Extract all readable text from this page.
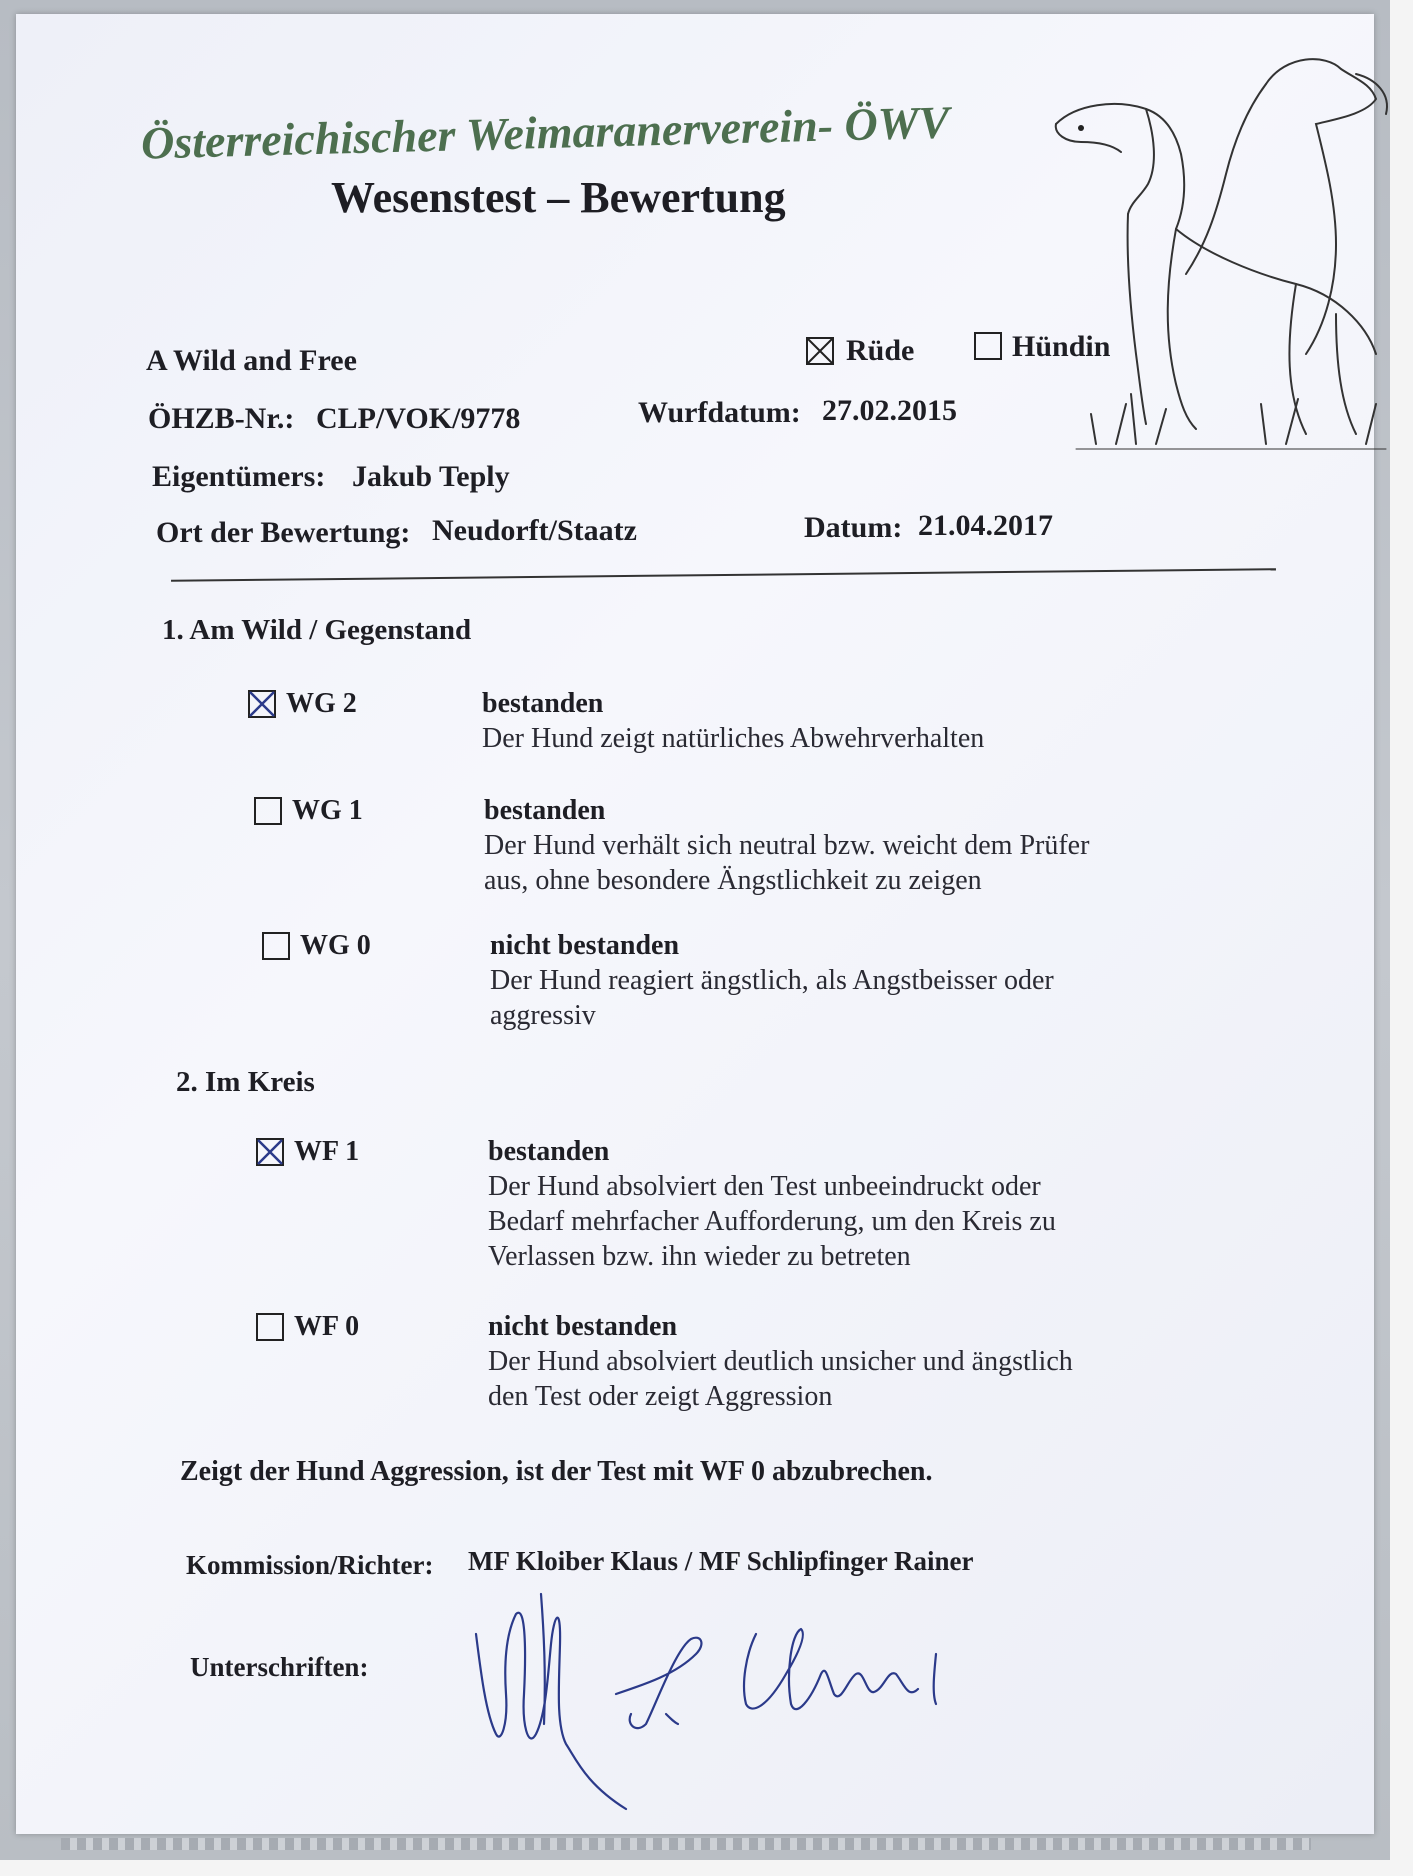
Österreichischer Weimaranerverein- ÖWV
Wesenstest – Bewertung
A Wild and Free	Rüde	Hündin
ÖHZB-Nr.: CLP/VOK/9778	Wurfdatum: 27.02.2015
Eigentümers: Jakub Teply
Ort der Bewertung: Neudorft/Staatz	Datum: 21.04.2017
1. Am Wild / Gegenstand
WG 2	bestanden
Der Hund zeigt natürliches Abwehrverhalten
WG 1	bestanden
Der Hund verhält sich neutral bzw. weicht dem Prüfer
aus, ohne besondere Ängstlichkeit zu zeigen
WG 0	nicht bestanden
Der Hund reagiert ängstlich, als Angstbeisser oder
aggressiv
2. Im Kreis
WF 1	bestanden
Der Hund absolviert den Test unbeeindruckt oder
Bedarf mehrfacher Aufforderung, um den Kreis zu
Verlassen bzw. ihn wieder zu betreten
WF 0	nicht bestanden
Der Hund absolviert deutlich unsicher und ängstlich
den Test oder zeigt Aggression
Zeigt der Hund Aggression, ist der Test mit WF 0 abzubrechen.
Kommission/Richter: MF Kloiber Klaus / MF Schlipfinger Rainer
Unterschriften:
